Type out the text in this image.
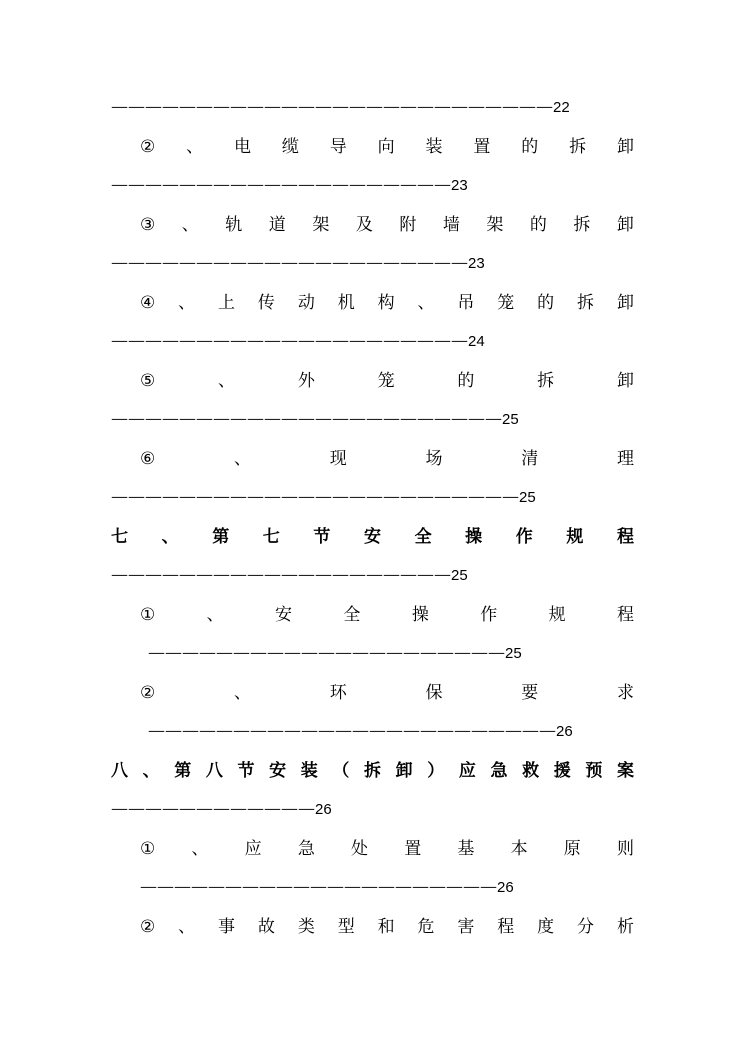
——————————————————————————22
② 、 电 缆 导 向 装 置 的 拆 卸
————————————————————23
③ 、 轨 道 架 及 附 墙 架 的 拆 卸
—————————————————————23
④ 、 上 传 动 机 构 、 吊 笼 的 拆 卸
—————————————————————24
⑤	、	外	笼	的	拆	卸
———————————————————————25
⑥	、	现	场	清	理
————————————————————————25
七 、 第 七 节 安 全 操 作 规 程
————————————————————25
①	、	安	全	操	作	规	程
—————————————————————25
②	、	环	保	要	求
————————————————————————26
八 、 第 八 节 安 装 （ 拆 卸 ） 应 急 救 援 预 案
————————————26
① 、 应 急 处 置 基 本 原 则
—————————————————————26
② 、 事 故 类 型 和 危 害 程 度 分 析
